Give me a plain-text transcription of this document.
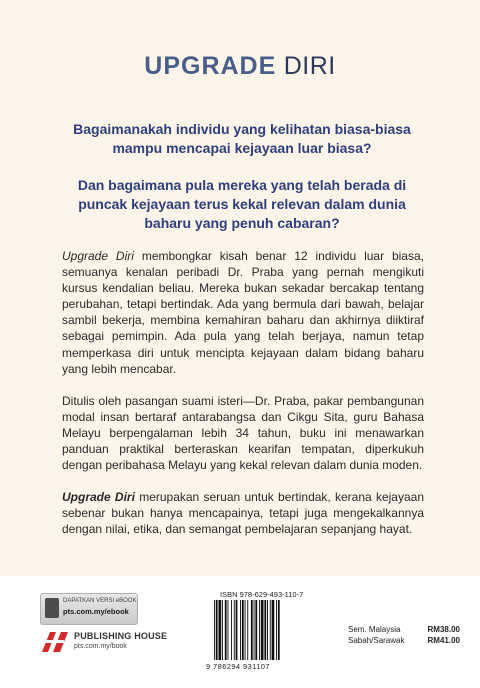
UPGRADE DIRI

Bagaimanakah individu yang kelihatan biasa-biasa mampu mencapai kejayaan luar biasa?

Dan bagaimana pula mereka yang telah berada di puncak kejayaan terus kekal relevan dalam dunia baharu yang penuh cabaran?

Upgrade Diri membongkar kisah benar 12 individu luar biasa, semuanya kenalan peribadi Dr. Praba yang pernah mengikuti kursus kendalian beliau. Mereka bukan sekadar bercakap tentang perubahan, tetapi bertindak. Ada yang bermula dari bawah, belajar sambil bekerja, membina kemahiran baharu dan akhirnya diiktiraf sebagai pemimpin. Ada pula yang telah berjaya, namun tetap memperkasa diri untuk mencipta kejayaan dalam bidang baharu yang lebih mencabar.

Ditulis oleh pasangan suami isteri—Dr. Praba, pakar pembangunan modal insan bertaraf antarabangsa dan Cikgu Sita, guru Bahasa Melayu berpengalaman lebih 34 tahun, buku ini menawarkan panduan praktikal berteraskan kearifan tempatan, diperkukuh dengan peribahasa Melayu yang kekal relevan dalam dunia moden.

Upgrade Diri merupakan seruan untuk bertindak, kerana kejayaan sebenar bukan hanya mencapainya, tetapi juga mengekalkannya dengan nilai, etika, dan semangat pembelajaran sepanjang hayat.

DAPATKAN VERSI eBOOK
pts.com.my/ebook
PUBLISHING HOUSE
pts.com.my/book
ISBN 978-629-493-110-7
9 786294 931107
Sem. Malaysia	RM38.00
Sabah/Sarawak	RM41.00
